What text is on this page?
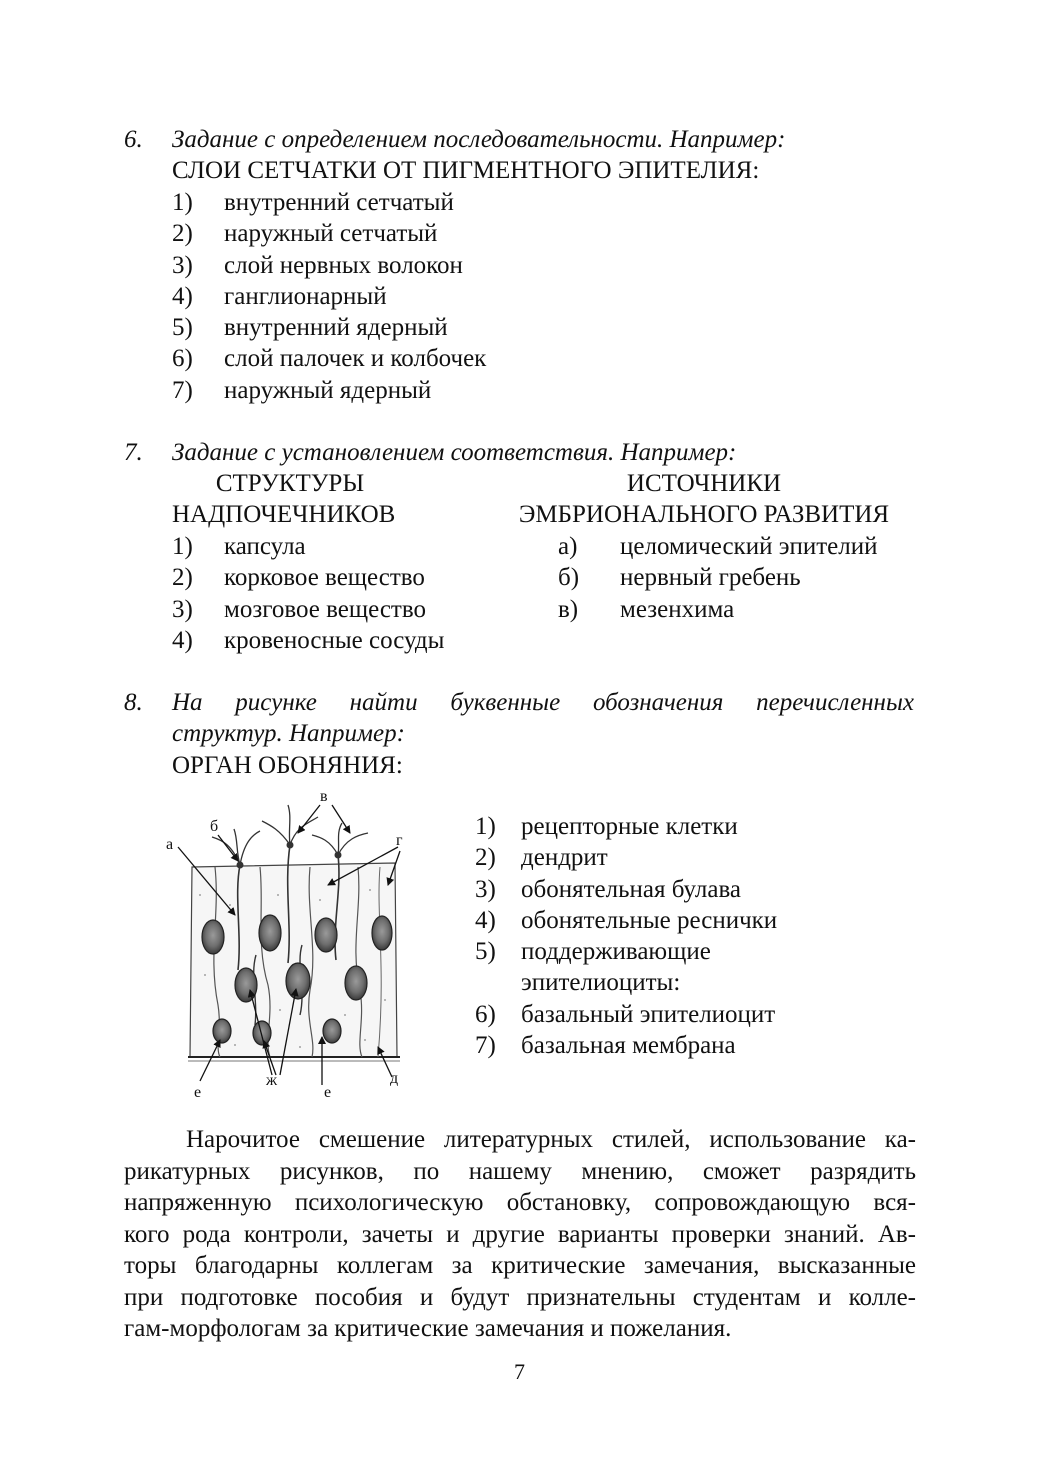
6. Задание с определением последовательности. Например:
СЛОИ СЕТЧАТКИ ОТ ПИГМЕНТНОГО ЭПИТЕЛИЯ:
1) внутренний сетчатый
2) наружный сетчатый
3) слой нервных волокон
4) ганглионарный
5) внутренний ядерный
6) слой палочек и колбочек
7) наружный ядерный
7. Задание с установлением соответствия. Например:
СТРУКТУРЫ
НАДПОЧЕЧНИКОВ
ИСТОЧНИКИ
ЭМБРИОНАЛЬНОГО РАЗВИТИЯ
1) капсула
2) корковое вещество
3) мозговое вещество
4) кровеносные сосуды
а) целомический эпителий
б) нервный гребень
в) мезенхима
8. На рисунке найти буквенные обозначения перечисленных
структур. Например:
ОРГАН ОБОНЯНИЯ:
а
б
в
г
д
е
ж
е
1) рецепторные клетки
2) дендрит
3) обонятельная булава
4) обонятельные реснички
5) поддерживающие
эпителиоциты:
6) базальный эпителиоцит
7) базальная мембрана
Нарочитое смешение литературных стилей, использование ка-
рикатурных рисунков, по нашему мнению, сможет разрядить
напряженную психологическую обстановку, сопровождающую вся-
кого рода контроли, зачеты и другие варианты проверки знаний. Ав-
торы благодарны коллегам за критические замечания, высказанные
при подготовке пособия и будут признательны студентам и колле-
гам-морфологам за критические замечания и пожелания.
7
